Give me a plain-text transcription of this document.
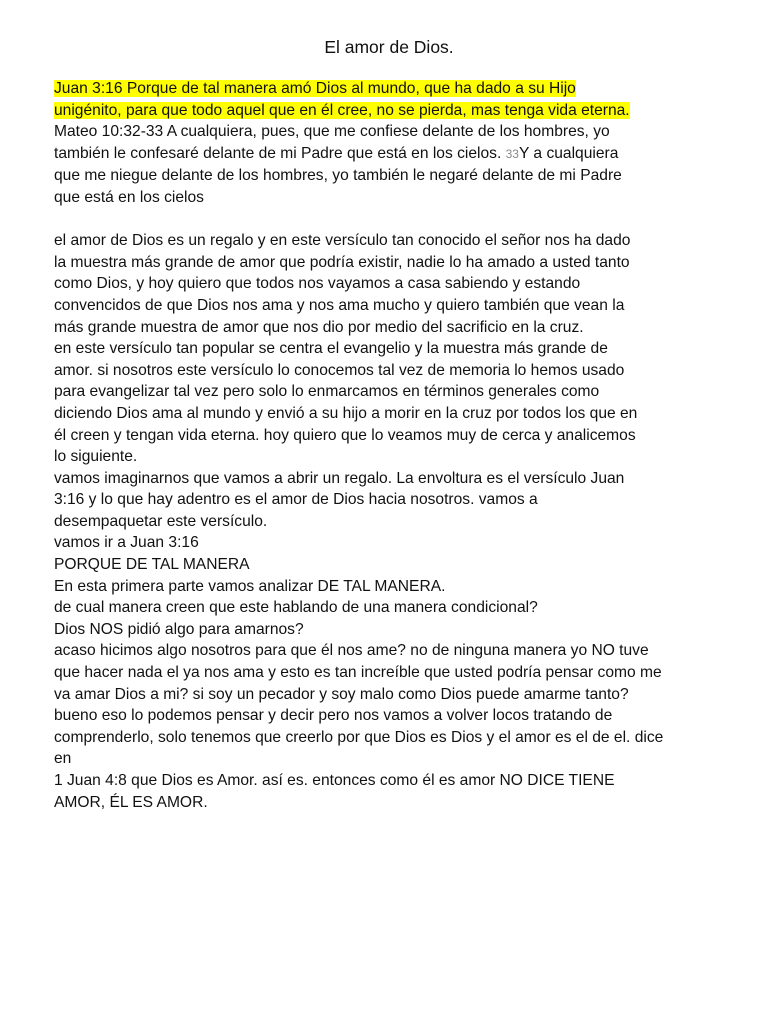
El amor de Dios.

Juan 3:16 Porque de tal manera amó Dios al mundo, que ha dado a su Hijo
unigénito, para que todo aquel que en él cree, no se pierda, mas tenga vida eterna.

Mateo 10:32-33 A cualquiera, pues, que me confiese delante de los hombres, yo
también le confesaré delante de mi Padre que está en los cielos. 33Y a cualquiera
que me niegue delante de los hombres, yo también le negaré delante de mi Padre
que está en los cielos

el amor de Dios es un regalo y en este versículo tan conocido el señor nos ha dado
la muestra más grande de amor que podría existir, nadie lo ha amado a usted tanto
como Dios, y hoy quiero que todos nos vayamos a casa sabiendo y estando
convencidos de que Dios nos ama y nos ama mucho y quiero también que vean la
más grande muestra de amor que nos dio por medio del sacrificio en la cruz.

en este versículo tan popular se centra el evangelio y la muestra más grande de
amor. si nosotros este versículo lo conocemos tal vez de memoria lo hemos usado
para evangelizar tal vez pero solo lo enmarcamos en términos generales como
diciendo Dios ama al mundo y envió a su hijo a morir en la cruz por todos los que en
él creen y tengan vida eterna. hoy quiero que lo veamos muy de cerca y analicemos
lo siguiente.

vamos imaginarnos que vamos a abrir un regalo. La envoltura es el versículo Juan
3:16 y lo que hay adentro es el amor de Dios hacia nosotros. vamos a
desempaquetar este versículo.

vamos ir a Juan 3:16

PORQUE DE TAL MANERA

En esta primera parte vamos analizar DE TAL MANERA.

de cual manera creen que este hablando de una manera condicional?

Dios NOS pidió algo para amarnos?

acaso hicimos algo nosotros para que él nos ame? no de ninguna manera yo NO tuve
que hacer nada el ya nos ama y esto es tan increíble que usted podría pensar como me
va amar Dios a mi? si soy un pecador y soy malo como Dios puede amarme tanto?

bueno eso lo podemos pensar y decir pero nos vamos a volver locos tratando de
comprenderlo, solo tenemos que creerlo por que Dios es Dios y el amor es el de el. dice
en

1 Juan 4:8 que Dios es Amor. así es. entonces como él es amor NO DICE TIENE
AMOR, ÉL ES AMOR.
